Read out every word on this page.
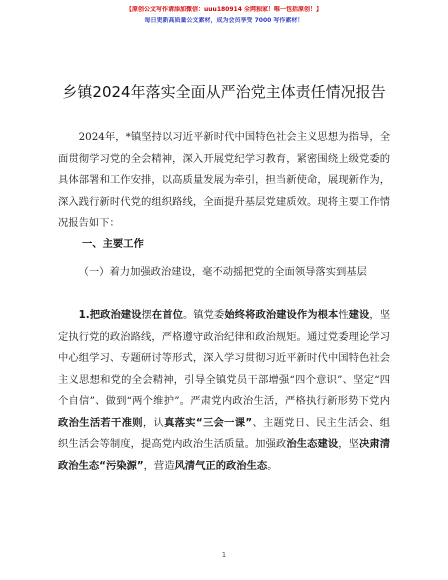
【原创公文写作请添加微信：uuu180914 全网独家！唯一包括原创！】
每日更新高质量公文素材，成为会员享受 7000 写作素材！
乡镇2024年落实全面从严治党主体责任情况报告
2024年，*镇坚持以习近平新时代中国特色社会主义思想为指导，全面贯彻学习党的全会精神，深入开展党纪学习教育，紧密围绕上级党委的具体部署和工作安排，以高质量发展为牵引，担当新使命，展现新作为，深入践行新时代党的组织路线，全面提升基层党建质效。现将主要工作情况报告如下：
一、主要工作
（一）着力加强政治建设，毫不动摇把党的全面领导落实到基层
1.把政治建设摆在首位。镇党委始终将政治建设作为根本性建设，坚定执行党的政治路线，严格遵守政治纪律和政治规矩。通过党委理论学习中心组学习、专题研讨等形式，深入学习贯彻习近平新时代中国特色社会主义思想和党的全会精神，引导全镇党员干部增强“四个意识”、坚定“四个自信”、做到“两个维护”。严肃党内政治生活，严格执行新形势下党内政治生活若干准则，认真落实“三会一课”、主题党日、民主生活会、组织生活会等制度，提高党内政治生活质量。加强政治生态建设，坚决肃清政治生态“污染源”，营造风清气正的政治生态。
1
